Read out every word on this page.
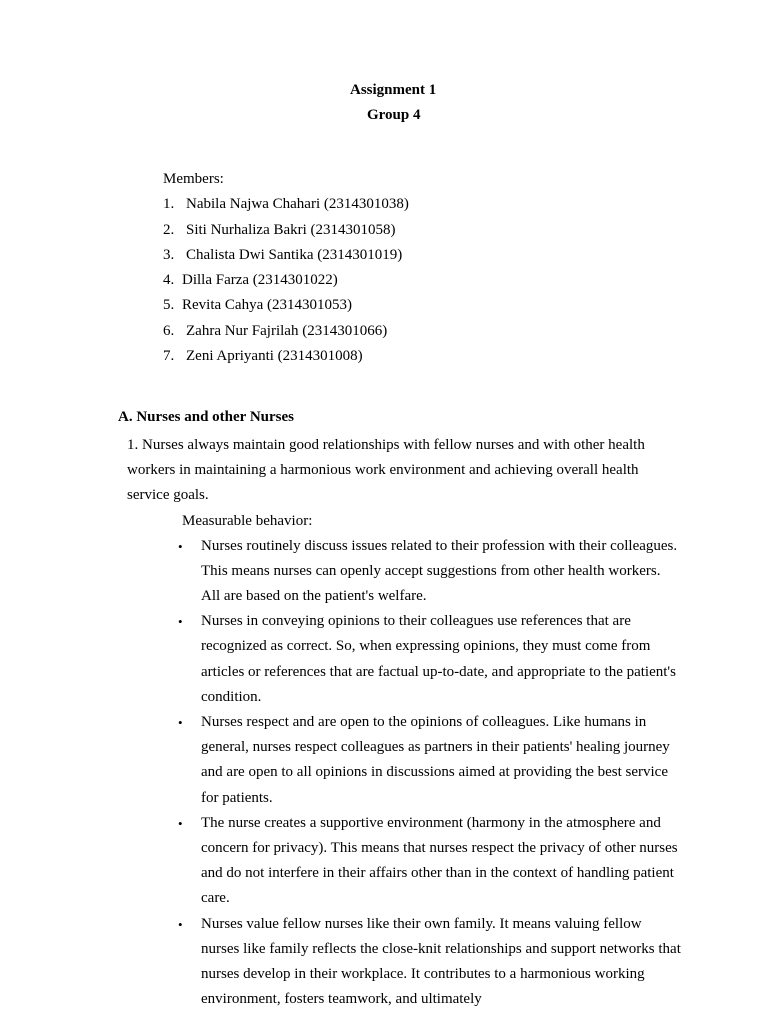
Assignment 1
Group 4
Members:
1. Nabila Najwa Chahari (2314301038)
2. Siti Nurhaliza Bakri (2314301058)
3. Chalista Dwi Santika (2314301019)
4. Dilla Farza (2314301022)
5. Revita Cahya (2314301053)
6. Zahra Nur Fajrilah (2314301066)
7. Zeni Apriyanti (2314301008)
A. Nurses and other Nurses

1. Nurses always maintain good relationships with fellow nurses and with other health workers in maintaining a harmonious work environment and achieving overall health service goals.

Measurable behavior:
• Nurses routinely discuss issues related to their profession with their colleagues. This means nurses can openly accept suggestions from other health workers. All are based on the patient's welfare.
• Nurses in conveying opinions to their colleagues use references that are recognized as correct. So, when expressing opinions, they must come from articles or references that are factual up-to-date, and appropriate to the patient's condition.
• Nurses respect and are open to the opinions of colleagues. Like humans in general, nurses respect colleagues as partners in their patients' healing journey and are open to all opinions in discussions aimed at providing the best service for patients.
• The nurse creates a supportive environment (harmony in the atmosphere and concern for privacy). This means that nurses respect the privacy of other nurses and do not interfere in their affairs other than in the context of handling patient care.
• Nurses value fellow nurses like their own family. It means valuing fellow nurses like family reflects the close-knit relationships and support networks that nurses develop in their workplace. It contributes to a harmonious working environment, fosters teamwork, and ultimately
